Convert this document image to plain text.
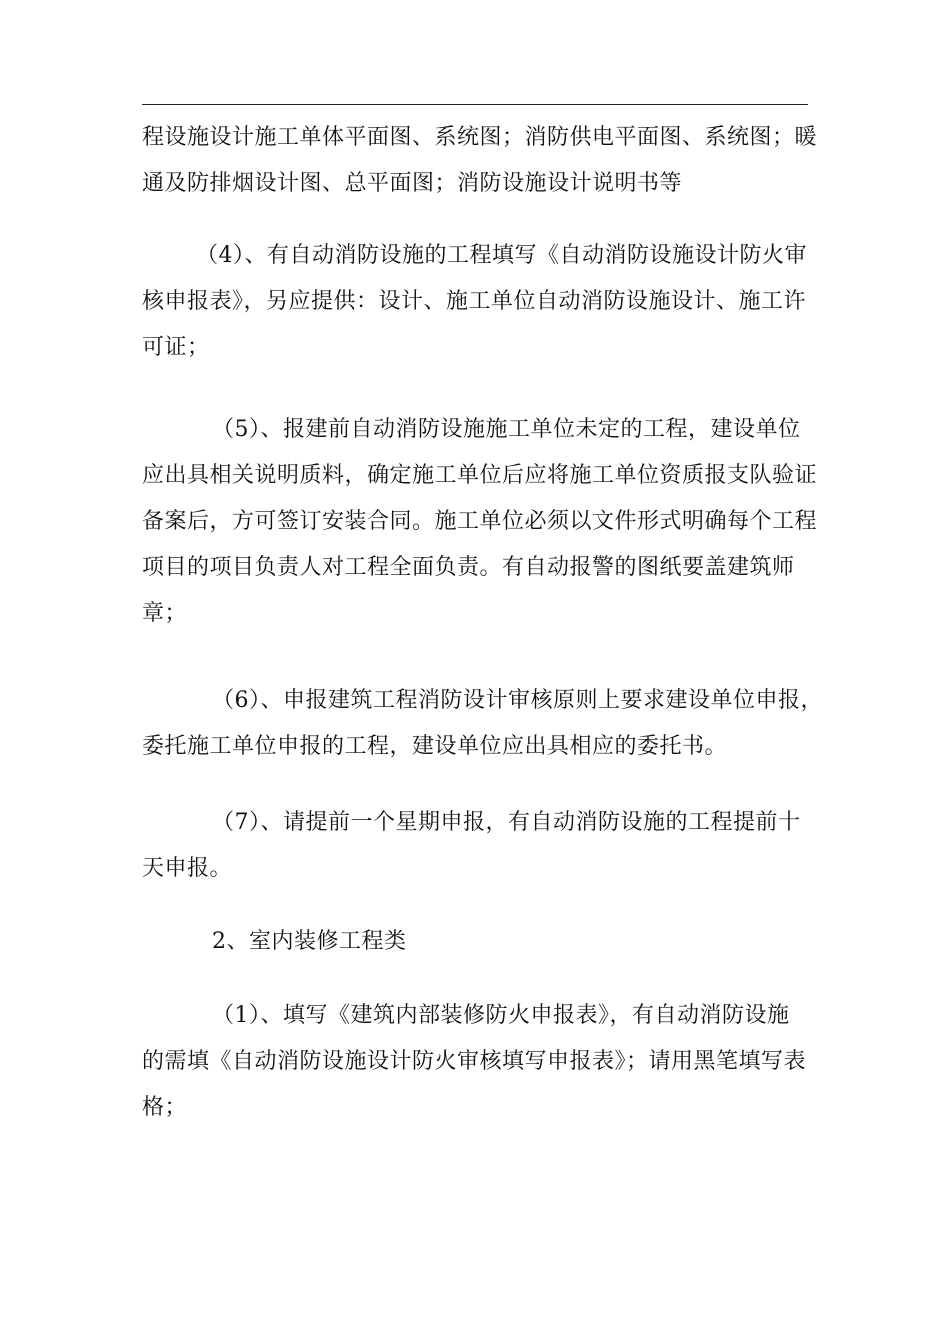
程设施设计施工单体平面图、系统图；消防供电平面图、系统图；暖
通及防排烟设计图、总平面图；消防设施设计说明书等
（4）、有自动消防设施的工程填写《自动消防设施设计防火审
核申报表》，另应提供：设计、施工单位自动消防设施设计、施工许
可证；
（5）、报建前自动消防设施施工单位未定的工程，建设单位
应出具相关说明质料，确定施工单位后应将施工单位资质报支队验证
备案后，方可签订安装合同。施工单位必须以文件形式明确每个工程
项目的项目负责人对工程全面负责。有自动报警的图纸要盖建筑师
章；
（6）、申报建筑工程消防设计审核原则上要求建设单位申报，
委托施工单位申报的工程，建设单位应出具相应的委托书。
（7）、请提前一个星期申报，有自动消防设施的工程提前十
天申报。
2、室内装修工程类
（1）、填写《建筑内部装修防火申报表》，有自动消防设施
的需填《自动消防设施设计防火审核填写申报表》；请用黑笔填写表
格；
